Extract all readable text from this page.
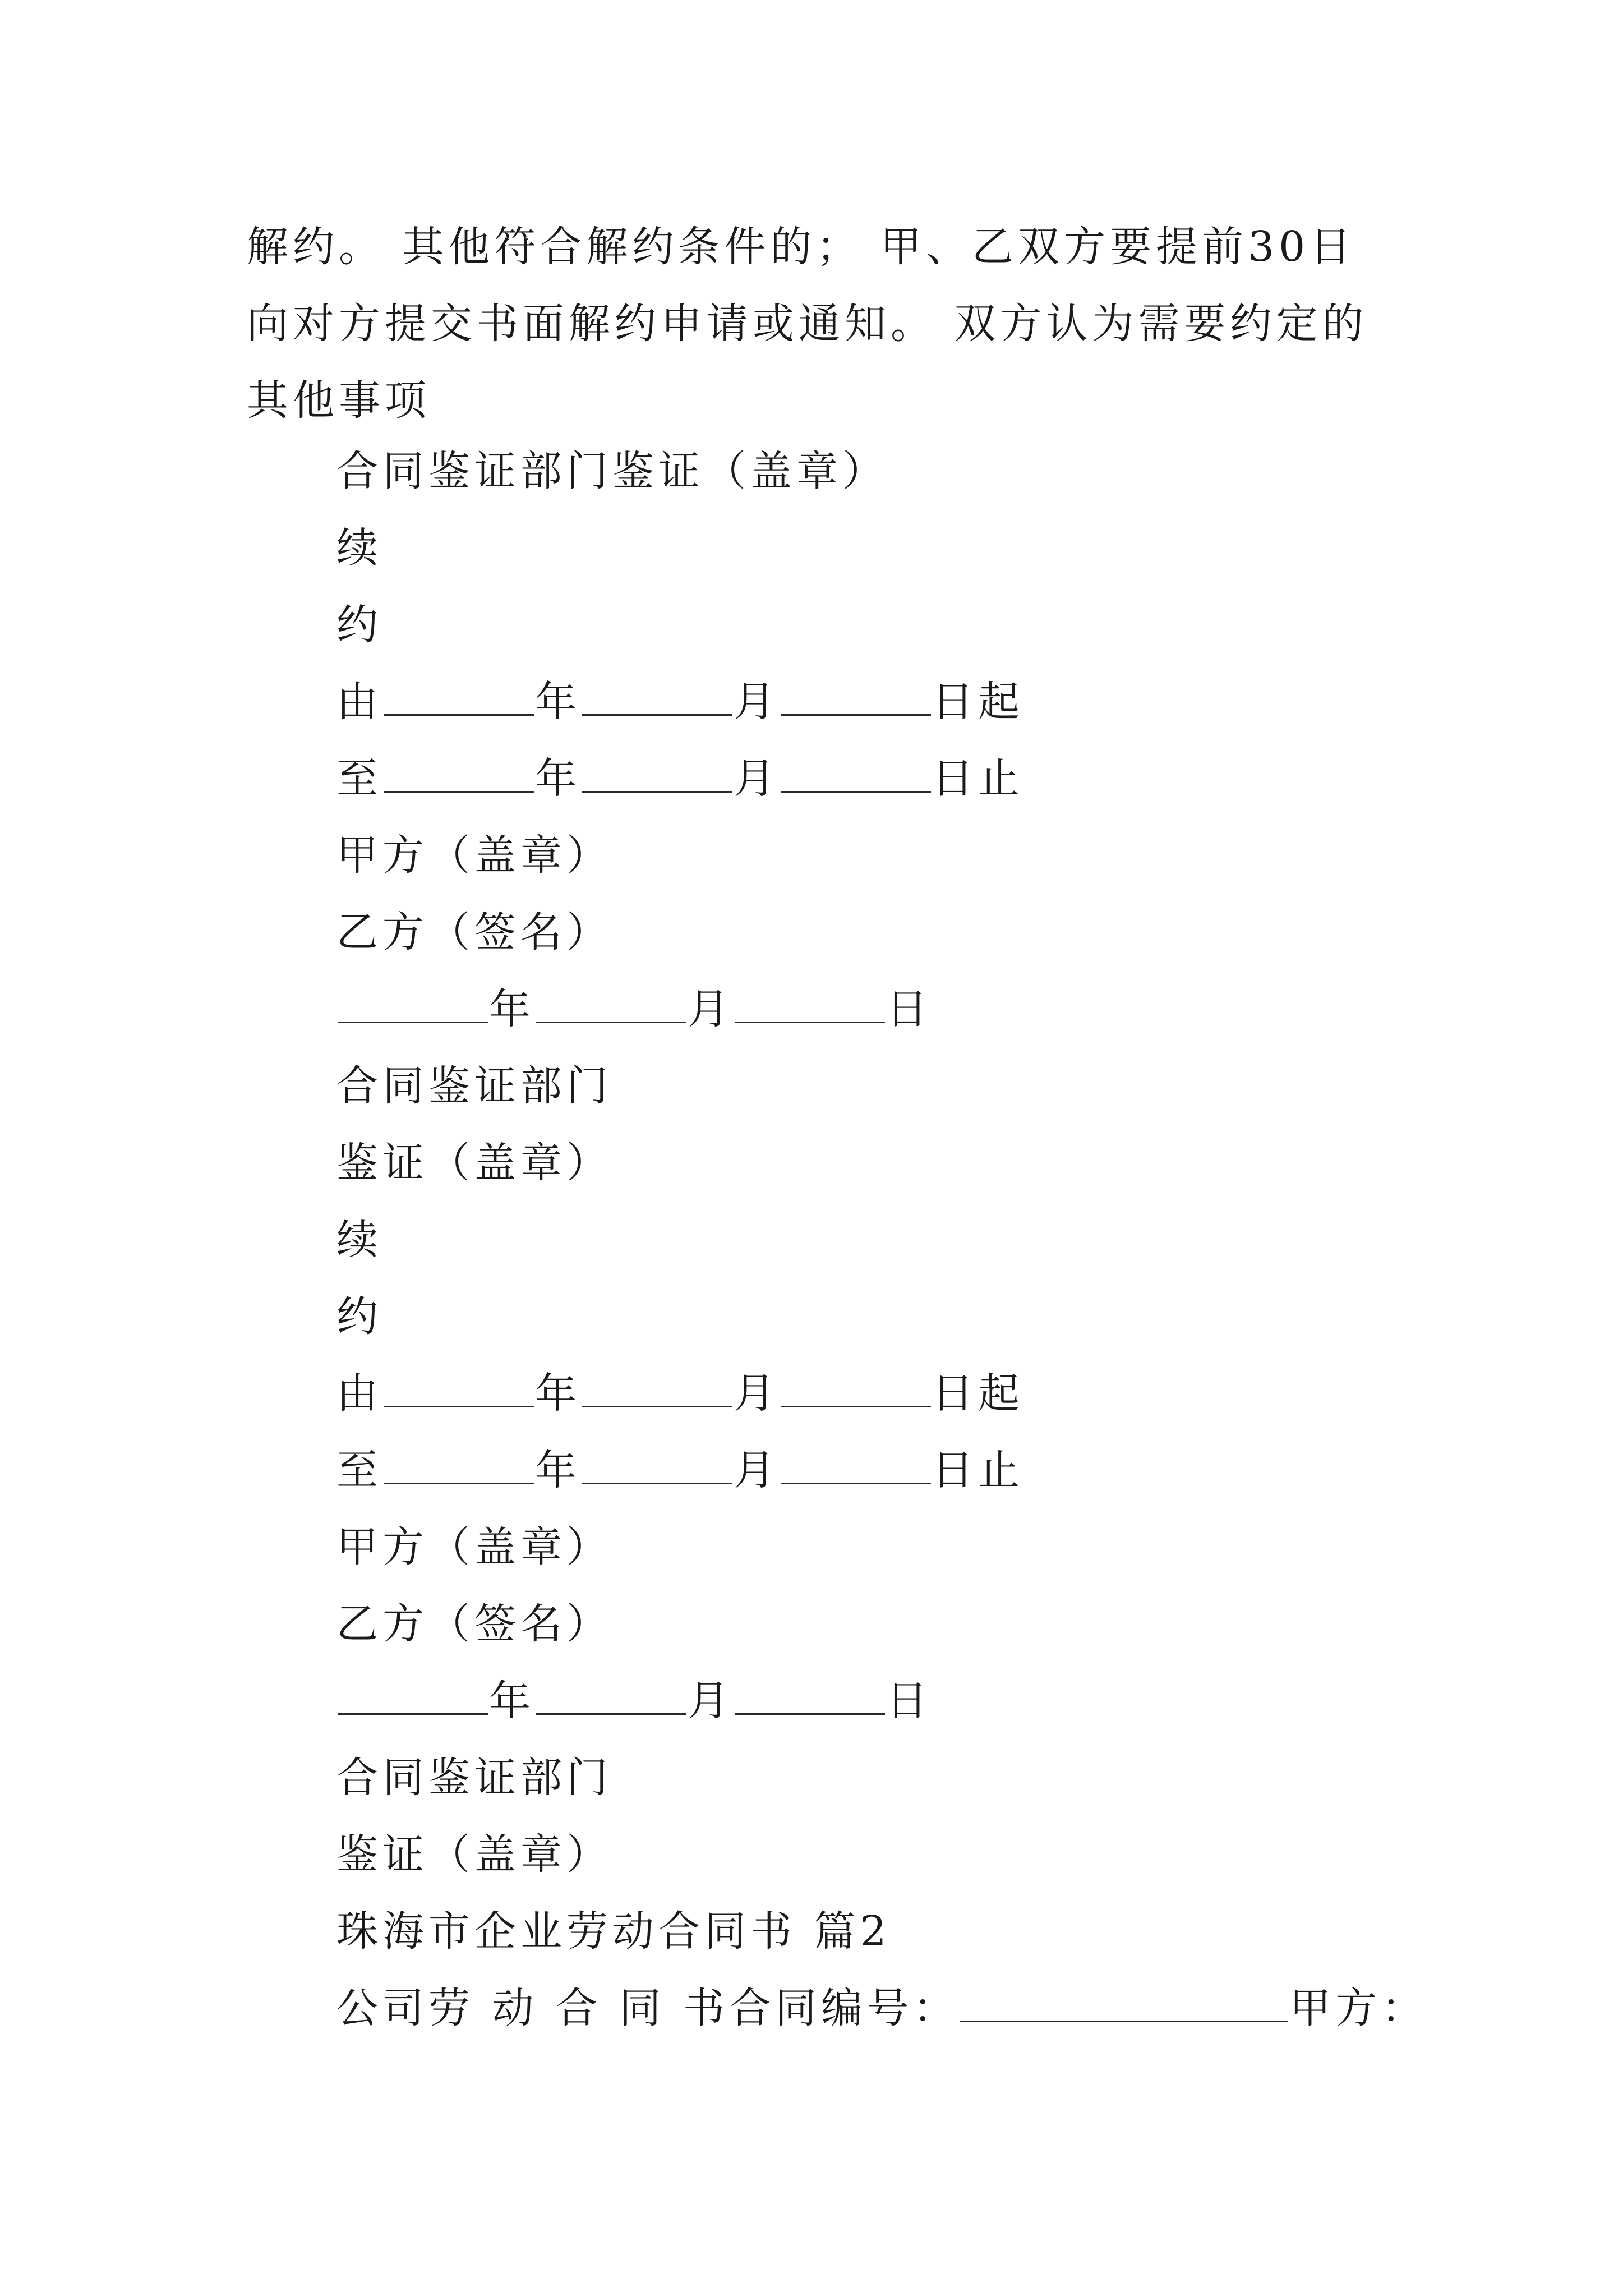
解约。 其他符合解约条件的； 甲、乙双方要提前30日向对方提交书面解约申请或通知。 双方认为需要约定的其他事项

合同鉴证部门鉴证（盖章）

续

约

由	年	月	日起

至	年	月	日止

甲方（盖章）

乙方（签名）

年	月	日

合同鉴证部门

鉴证（盖章）

续

约

由	年	月	日起

至	年	月	日止

甲方（盖章）

乙方（签名）

年	月	日

合同鉴证部门

鉴证（盖章）

珠海市企业劳动合同书 篇2

公司劳 动 合 同 书合同编号：	甲方：
